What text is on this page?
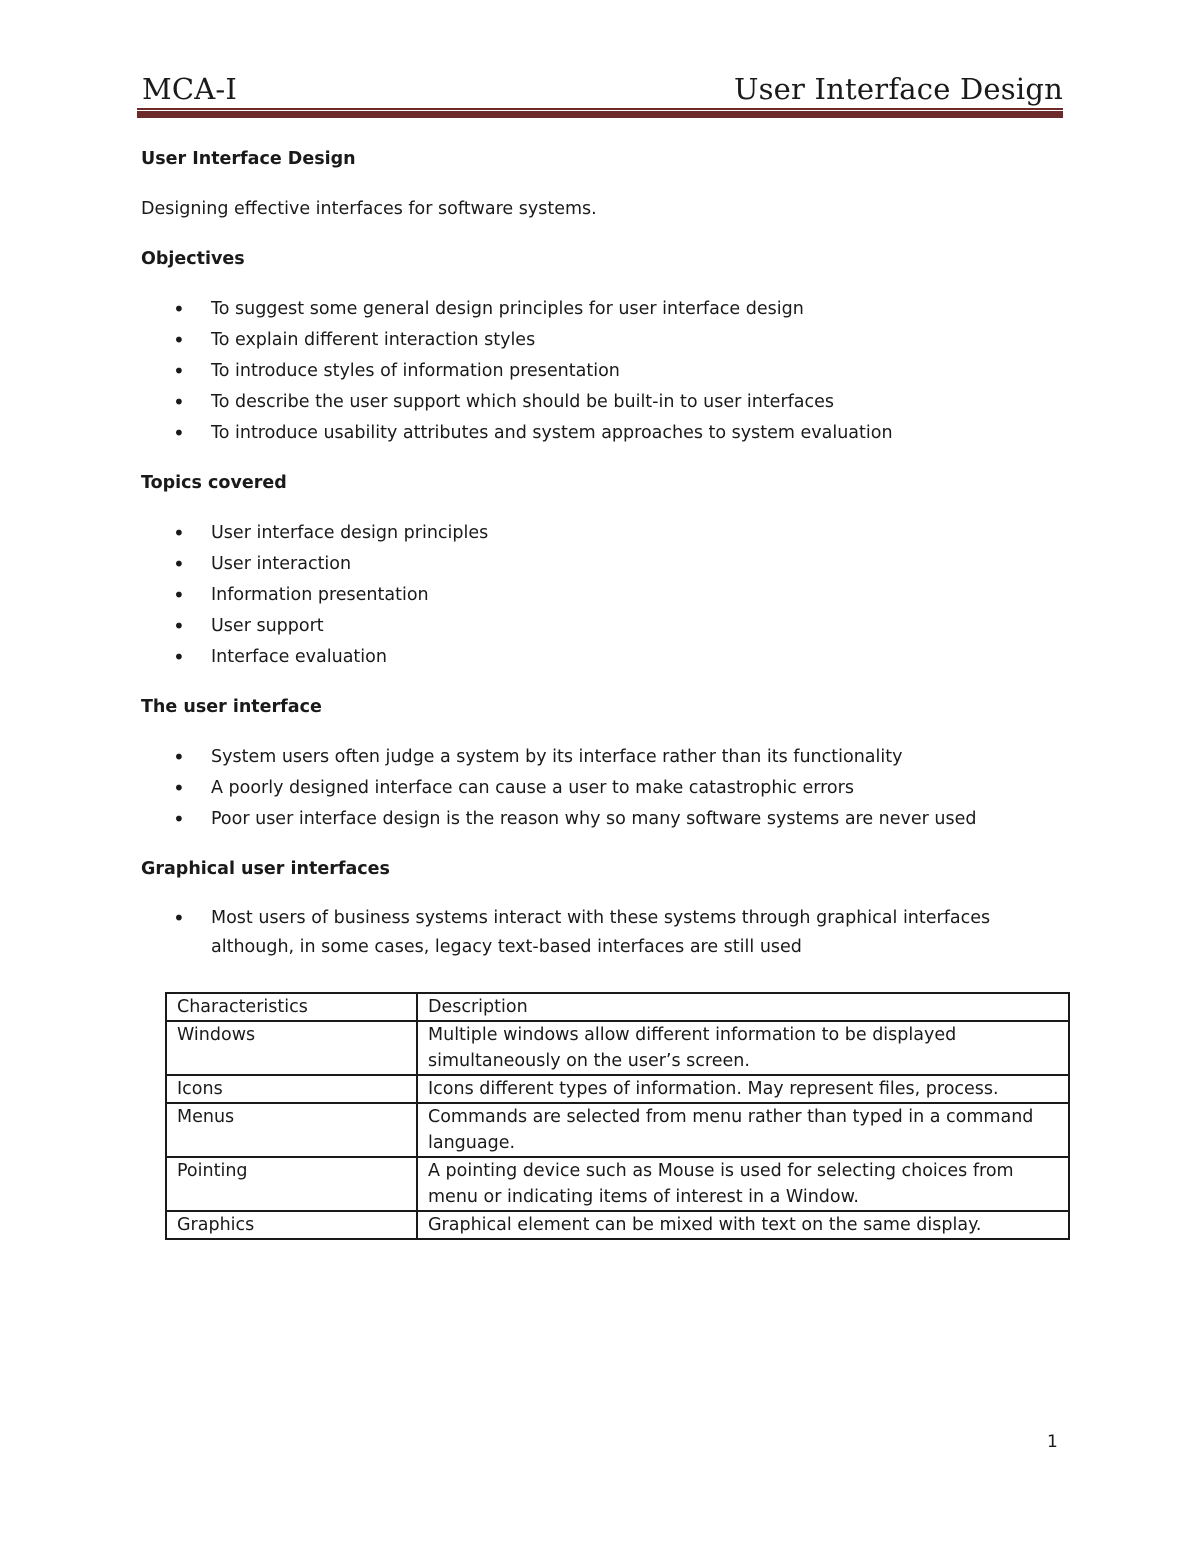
MCA-I	User Interface Design

User Interface Design

Designing effective interfaces for software systems.

Objectives

• To suggest some general design principles for user interface design
• To explain different interaction styles
• To introduce styles of information presentation
• To describe the user support which should be built-in to user interfaces
• To introduce usability attributes and system approaches to system evaluation

Topics covered

• User interface design principles
• User interaction
• Information presentation
• User support
• Interface evaluation

The user interface

• System users often judge a system by its interface rather than its functionality
• A poorly designed interface can cause a user to make catastrophic errors
• Poor user interface design is the reason why so many software systems are never used

Graphical user interfaces

• Most users of business systems interact with these systems through graphical interfaces although, in some cases, legacy text-based interfaces are still used
Characteristics	Description
Windows	Multiple windows allow different information to be displayed simultaneously on the user’s screen.
Icons	Icons different types of information. May represent files, process.
Menus	Commands are selected from menu rather than typed in a command language.
Pointing	A pointing device such as Mouse is used for selecting choices from menu or indicating items of interest in a Window.
Graphics	Graphical element can be mixed with text on the same display.
1
